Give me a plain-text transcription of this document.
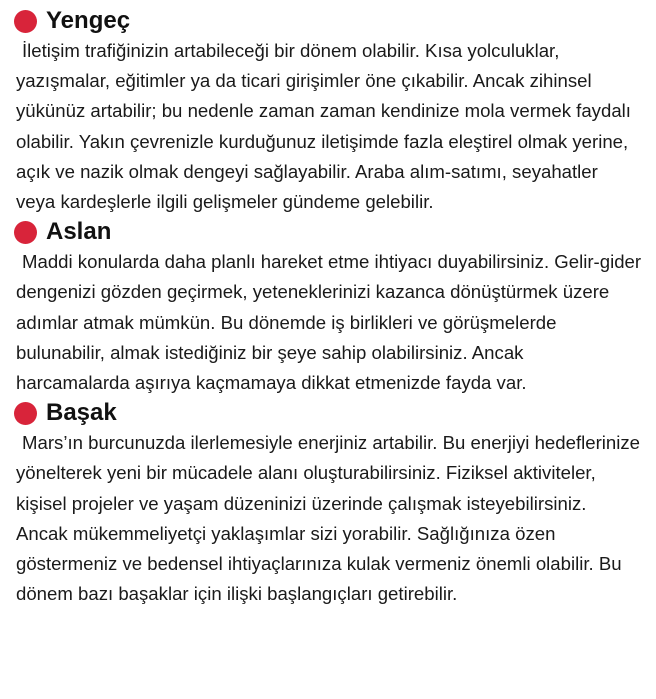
Yengeç

İletişim trafiğinizin artabileceği bir dönem olabilir. Kısa yolculuklar, yazışmalar, eğitimler ya da ticari girişimler öne çıkabilir. Ancak zihinsel yükünüz artabilir; bu nedenle zaman zaman kendinize mola vermek faydalı olabilir. Yakın çevrenizle kurduğunuz iletişimde fazla eleştirel olmak yerine, açık ve nazik olmak dengeyi sağlayabilir. Araba alım-satımı, seyahatler veya kardeşlerle ilgili gelişmeler gündeme gelebilir.

Aslan

Maddi konularda daha planlı hareket etme ihtiyacı duyabilirsiniz. Gelir-gider dengenizi gözden geçirmek, yeteneklerinizi kazanca dönüştürmek üzere adımlar atmak mümkün. Bu dönemde iş birlikleri ve görüşmelerde bulunabilir, almak istediğiniz bir şeye sahip olabilirsiniz. Ancak harcamalarda aşırıya kaçmamaya dikkat etmenizde fayda var.

Başak

Mars’ın burcunuzda ilerlemesiyle enerjiniz artabilir. Bu enerjiyi hedeflerinize yönelterek yeni bir mücadele alanı oluşturabilirsiniz. Fiziksel aktiviteler, kişisel projeler ve yaşam düzeninizi üzerinde çalışmak isteyebilirsiniz. Ancak mükemmeliyetçi yaklaşımlar sizi yorabilir. Sağlığınıza özen göstermeniz ve bedensel ihtiyaçlarınıza kulak vermeniz önemli olabilir. Bu dönem bazı başaklar için ilişki başlangıçları getirebilir.
